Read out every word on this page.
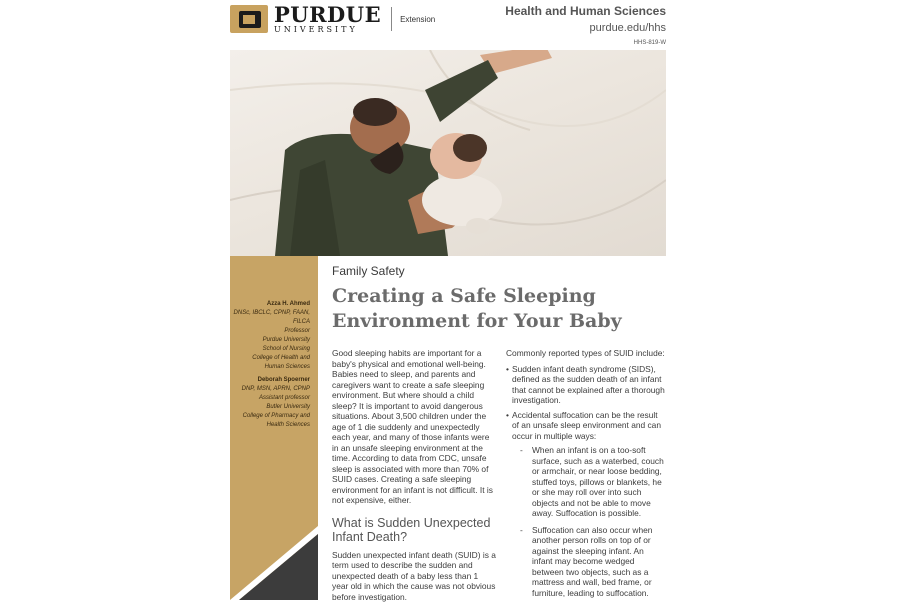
PURDUE
UNIVERSITY
Extension
Health and Human Sciences
purdue.edu/hhs
HHS-819-W
Azza H. Ahmed
DNSc, IBCLC, CPNP, FAAN,
FILCA
Professor
Purdue University
School of Nursing
College of Health and
Human Sciences
Deborah Spoerner
DNP, MSN, APRN, CPNP
Assistant professor
Butler University
College of Pharmacy and
Health Sciences
Family Safety
Creating a Safe Sleeping Environment for Your Baby

Good sleeping habits are important for a baby's physical and emotional well-being. Babies need to sleep, and parents and caregivers want to create a safe sleeping environment. But where should a child sleep? It is important to avoid dangerous situations. About 3,500 children under the age of 1 die suddenly and unexpectedly each year, and many of those infants were in an unsafe sleeping environment at the time. According to data from CDC, unsafe sleep is associated with more than 70% of SUID cases. Creating a safe sleeping environment for an infant is not difficult. It is not expensive, either.

What is Sudden Unexpected Infant Death?

Sudden unexpected infant death (SUID) is a term used to describe the sudden and unexpected death of a baby less than 1 year old in which the cause was not obvious before investigation.

Commonly reported types of SUID include:

• Sudden infant death syndrome (SIDS), defined as the sudden death of an infant that cannot be explained after a thorough investigation.
• Accidental suffocation can be the result of an unsafe sleep environment and can occur in multiple ways:
- When an infant is on a too-soft surface, such as a waterbed, couch or armchair, or near loose bedding, stuffed toys, pillows or blankets, he or she may roll over into such objects and not be able to move away. Suffocation is possible.
- Suffocation can also occur when another person rolls on top of or against the sleeping infant. An infant may become wedged between two objects, such as a mattress and wall, bed frame, or furniture, leading to suffocation.
